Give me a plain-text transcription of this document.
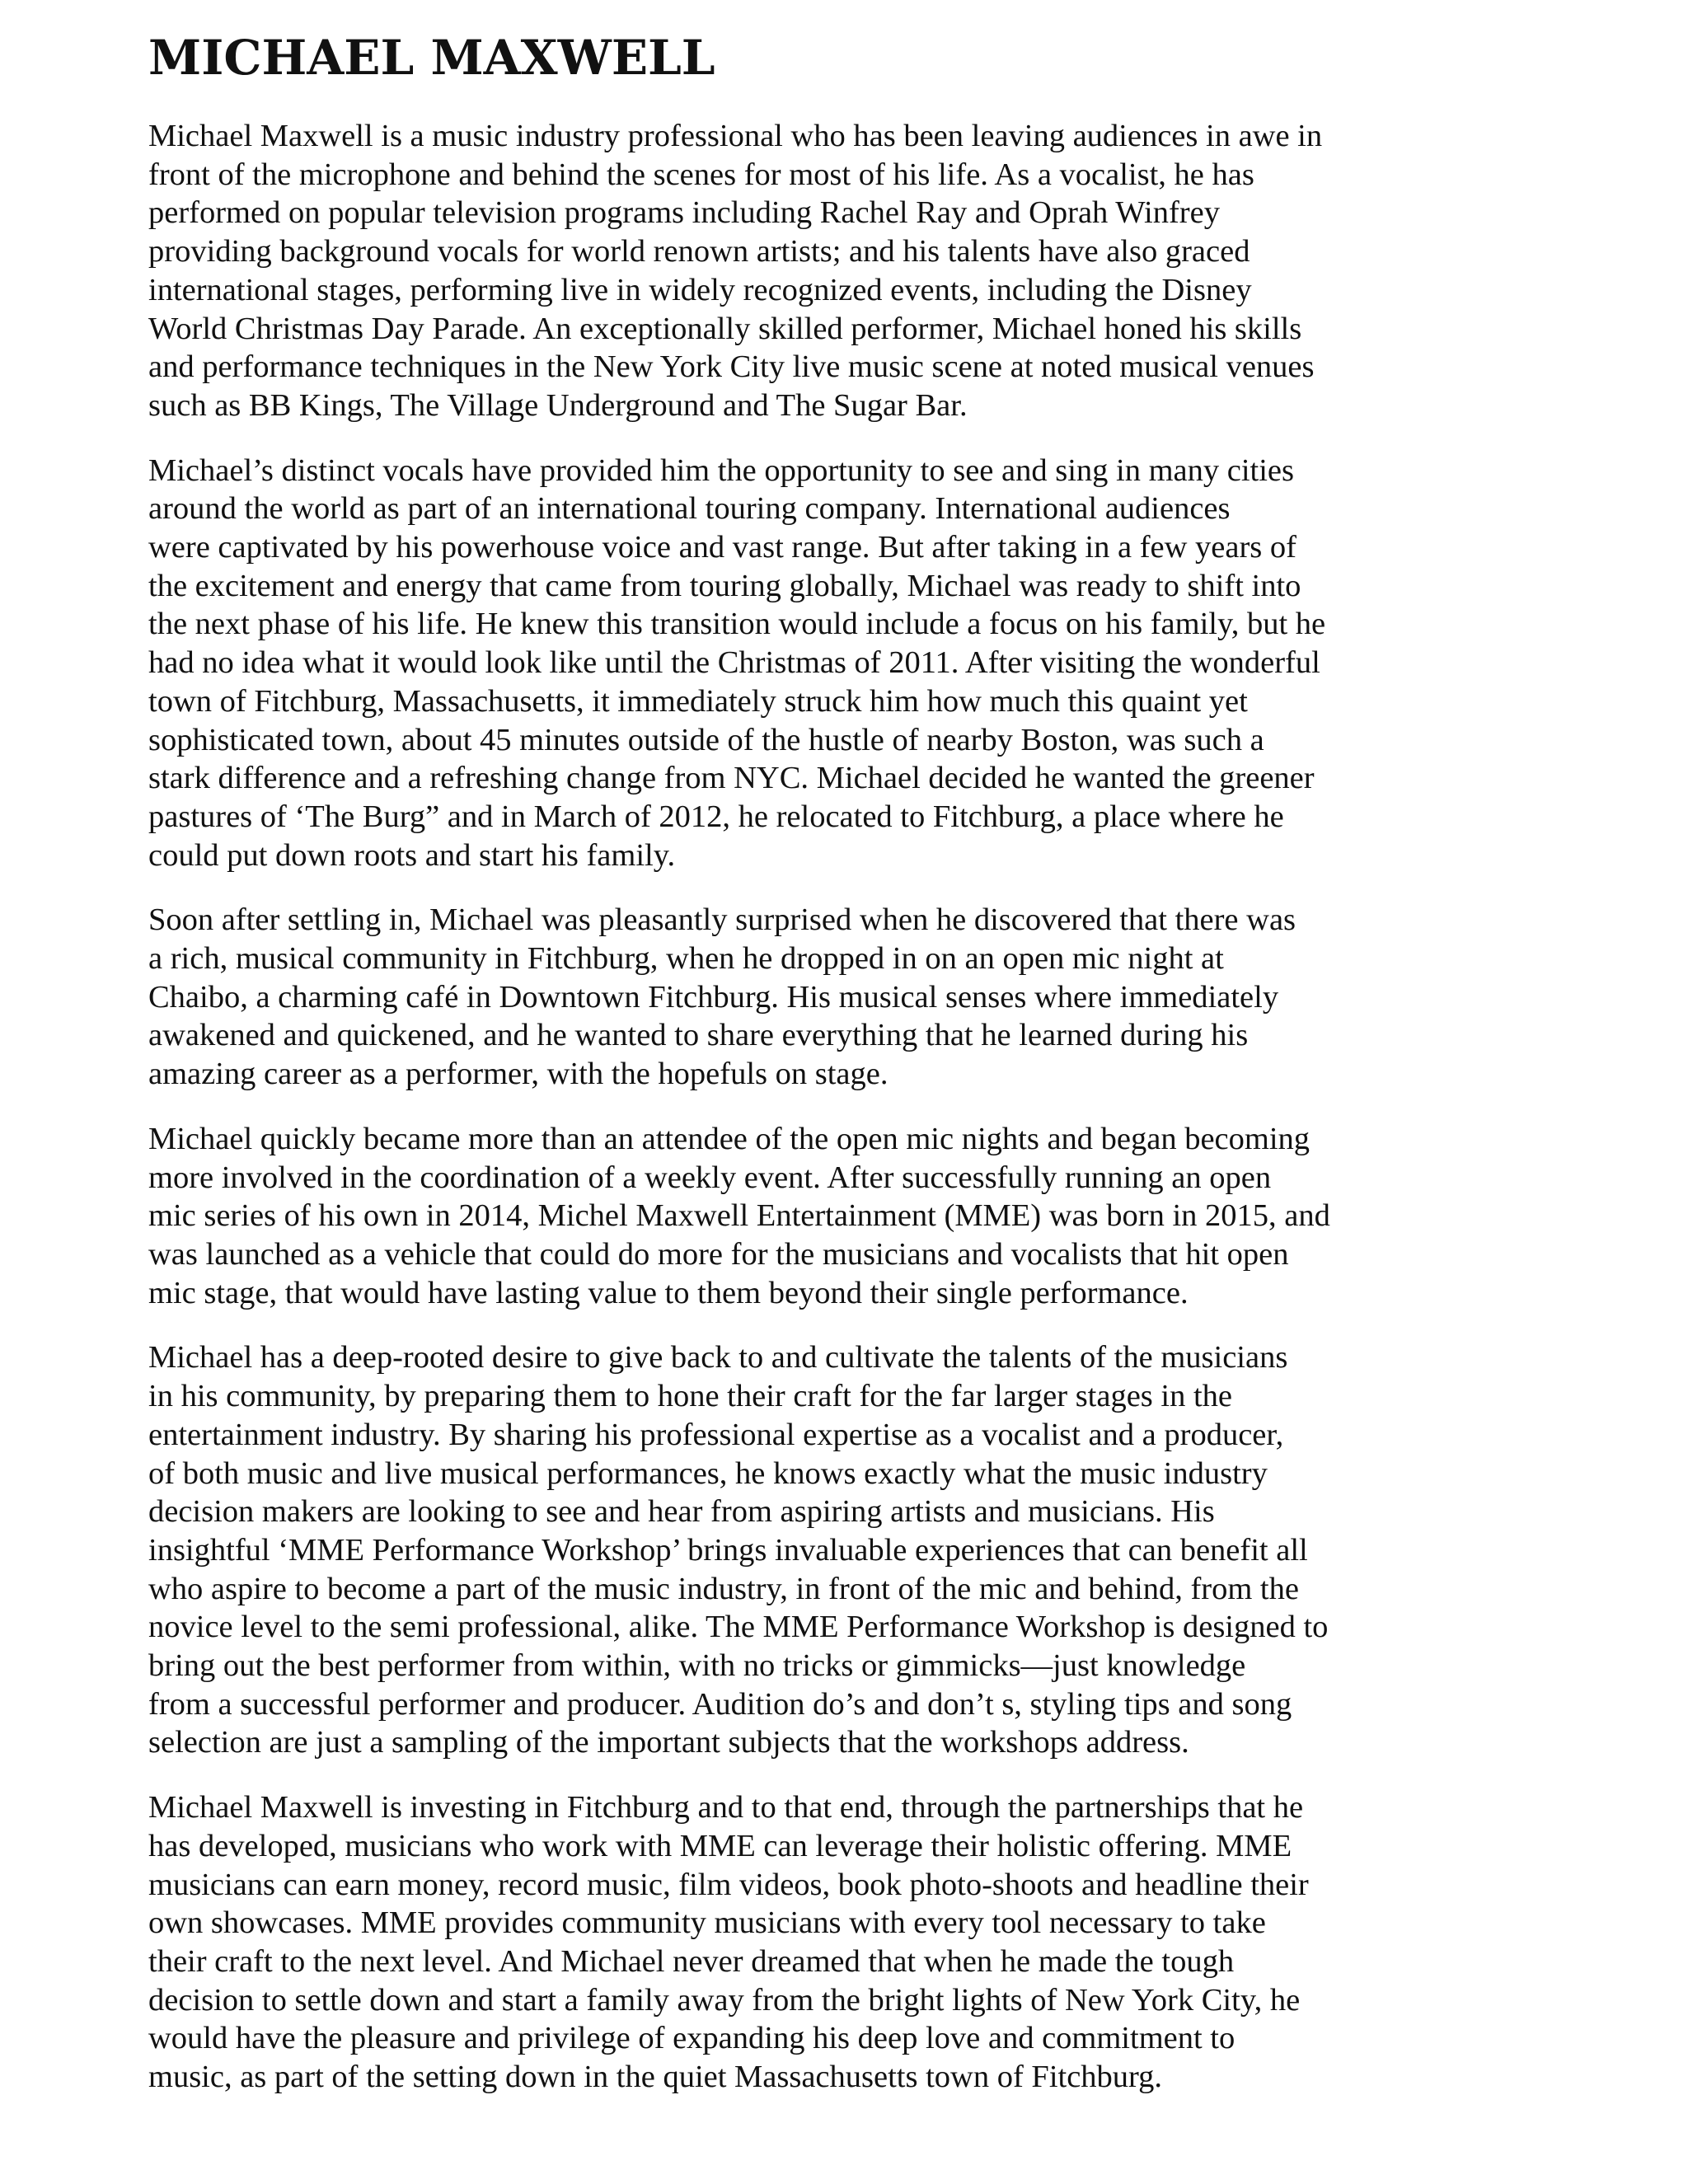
MICHAEL MAXWELL
Michael Maxwell is a music industry professional who has been leaving audiences in awe in
front of the microphone and behind the scenes for most of his life. As a vocalist, he has
performed on popular television programs including Rachel Ray and Oprah Winfrey
providing background vocals for world renown artists; and his talents have also graced
international stages, performing live in widely recognized events, including the Disney
World Christmas Day Parade. An exceptionally skilled performer, Michael honed his skills
and performance techniques in the New York City live music scene at noted musical venues
such as BB Kings, The Village Underground and The Sugar Bar.
Michael’s distinct vocals have provided him the opportunity to see and sing in many cities
around the world as part of an international touring company. International audiences
were captivated by his powerhouse voice and vast range. But after taking in a few years of
the excitement and energy that came from touring globally, Michael was ready to shift into
the next phase of his life. He knew this transition would include a focus on his family, but he
had no idea what it would look like until the Christmas of 2011. After visiting the wonderful
town of Fitchburg, Massachusetts, it immediately struck him how much this quaint yet
sophisticated town, about 45 minutes outside of the hustle of nearby Boston, was such a
stark difference and a refreshing change from NYC. Michael decided he wanted the greener
pastures of ‘The Burg” and in March of 2012, he relocated to Fitchburg, a place where he
could put down roots and start his family.
Soon after settling in, Michael was pleasantly surprised when he discovered that there was
a rich, musical community in Fitchburg, when he dropped in on an open mic night at
Chaibo, a charming café in Downtown Fitchburg. His musical senses where immediately
awakened and quickened, and he wanted to share everything that he learned during his
amazing career as a performer, with the hopefuls on stage.
Michael quickly became more than an attendee of the open mic nights and began becoming
more involved in the coordination of a weekly event. After successfully running an open
mic series of his own in 2014, Michel Maxwell Entertainment (MME) was born in 2015, and
was launched as a vehicle that could do more for the musicians and vocalists that hit open
mic stage, that would have lasting value to them beyond their single performance.
Michael has a deep-rooted desire to give back to and cultivate the talents of the musicians
in his community, by preparing them to hone their craft for the far larger stages in the
entertainment industry. By sharing his professional expertise as a vocalist and a producer,
of both music and live musical performances, he knows exactly what the music industry
decision makers are looking to see and hear from aspiring artists and musicians. His
insightful ‘MME Performance Workshop’ brings invaluable experiences that can benefit all
who aspire to become a part of the music industry, in front of the mic and behind, from the
novice level to the semi professional, alike. The MME Performance Workshop is designed to
bring out the best performer from within, with no tricks or gimmicks—just knowledge
from a successful performer and producer. Audition do’s and don’t s, styling tips and song
selection are just a sampling of the important subjects that the workshops address.
Michael Maxwell is investing in Fitchburg and to that end, through the partnerships that he
has developed, musicians who work with MME can leverage their holistic offering. MME
musicians can earn money, record music, film videos, book photo-shoots and headline their
own showcases. MME provides community musicians with every tool necessary to take
their craft to the next level. And Michael never dreamed that when he made the tough
decision to settle down and start a family away from the bright lights of New York City, he
would have the pleasure and privilege of expanding his deep love and commitment to
music, as part of the setting down in the quiet Massachusetts town of Fitchburg.
